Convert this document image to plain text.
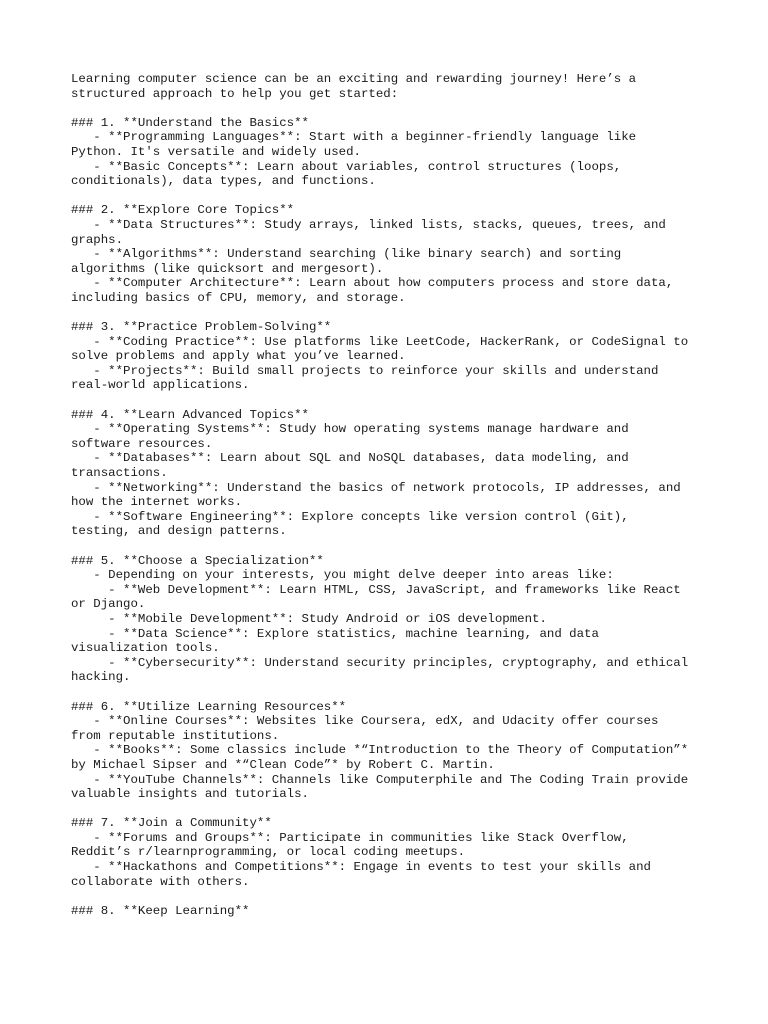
Learning computer science can be an exciting and rewarding journey! Here’s a
structured approach to help you get started:
### 1. **Understand the Basics**
- **Programming Languages**: Start with a beginner-friendly language like
Python. It's versatile and widely used.
- **Basic Concepts**: Learn about variables, control structures (loops,
conditionals), data types, and functions.
### 2. **Explore Core Topics**
- **Data Structures**: Study arrays, linked lists, stacks, queues, trees, and
graphs.
- **Algorithms**: Understand searching (like binary search) and sorting
algorithms (like quicksort and mergesort).
- **Computer Architecture**: Learn about how computers process and store data,
including basics of CPU, memory, and storage.
### 3. **Practice Problem-Solving**
- **Coding Practice**: Use platforms like LeetCode, HackerRank, or CodeSignal to
solve problems and apply what you’ve learned.
- **Projects**: Build small projects to reinforce your skills and understand
real-world applications.
### 4. **Learn Advanced Topics**
- **Operating Systems**: Study how operating systems manage hardware and
software resources.
- **Databases**: Learn about SQL and NoSQL databases, data modeling, and
transactions.
- **Networking**: Understand the basics of network protocols, IP addresses, and
how the internet works.
- **Software Engineering**: Explore concepts like version control (Git),
testing, and design patterns.
### 5. **Choose a Specialization**
- Depending on your interests, you might delve deeper into areas like:
- **Web Development**: Learn HTML, CSS, JavaScript, and frameworks like React
or Django.
- **Mobile Development**: Study Android or iOS development.
- **Data Science**: Explore statistics, machine learning, and data
visualization tools.
- **Cybersecurity**: Understand security principles, cryptography, and ethical
hacking.
### 6. **Utilize Learning Resources**
- **Online Courses**: Websites like Coursera, edX, and Udacity offer courses
from reputable institutions.
- **Books**: Some classics include *“Introduction to the Theory of Computation”*
by Michael Sipser and *“Clean Code”* by Robert C. Martin.
- **YouTube Channels**: Channels like Computerphile and The Coding Train provide
valuable insights and tutorials.
### 7. **Join a Community**
- **Forums and Groups**: Participate in communities like Stack Overflow,
Reddit’s r/learnprogramming, or local coding meetups.
- **Hackathons and Competitions**: Engage in events to test your skills and
collaborate with others.
### 8. **Keep Learning**
